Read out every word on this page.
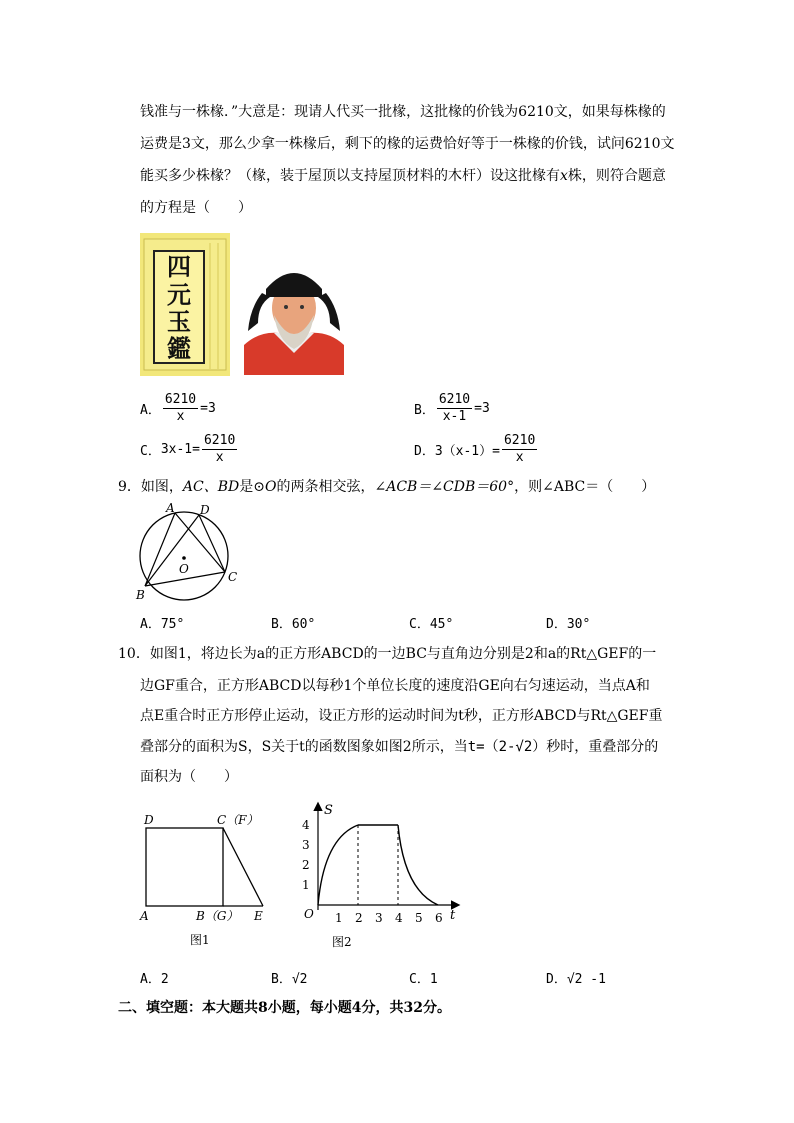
钱准与一株椽．”大意是：现请人代买一批椽，这批椽的价钱为6210文，如果每株椽的
运费是3文，那么少拿一株椽后，剩下的椽的运费恰好等于一株椽的价钱，试问6210文
能买多少株椽？（椽，装于屋顶以支持屋顶材料的木杆）设这批椽有x株，则符合题意
的方程是（　　）
四
元
玉
鑑
A． $\frac{6210}{x} =3$	B． $\frac{6210}{x-1} =3$
C． $3x-1= \frac{6210}{x}$	D． $3(x-1)= \frac{6210}{x}$
9．如图，AC、BD是⊙O的两条相交弦，∠ACB＝∠CDB＝60°，则∠ABC＝（　　）
A D
O
B
C
A．75°	B．60°	C．45°	D．30°
10．如图1，将边长为a的正方形ABCD的一边BC与直角边分别是2和a的Rt△GEF的一
边GF重合，正方形ABCD以每秒1个单位长度的速度沿GE向右匀速运动，当点A和
点E重合时正方形停止运动，设正方形的运动时间为t秒，正方形ABCD与Rt△GEF重
叠部分的面积为S，S关于t的函数图象如图2所示，当t=（2-√2）秒时，重叠部分的
面积为（　　）
D	C（F）
A	B（G） E
图1
S
t
O
1
2
3
4
1 2 3 4 5 6
图2
A．2	B．√2	C．1	D．√2 -1
二、填空题：本大题共8小题，每小题4分，共32分。
